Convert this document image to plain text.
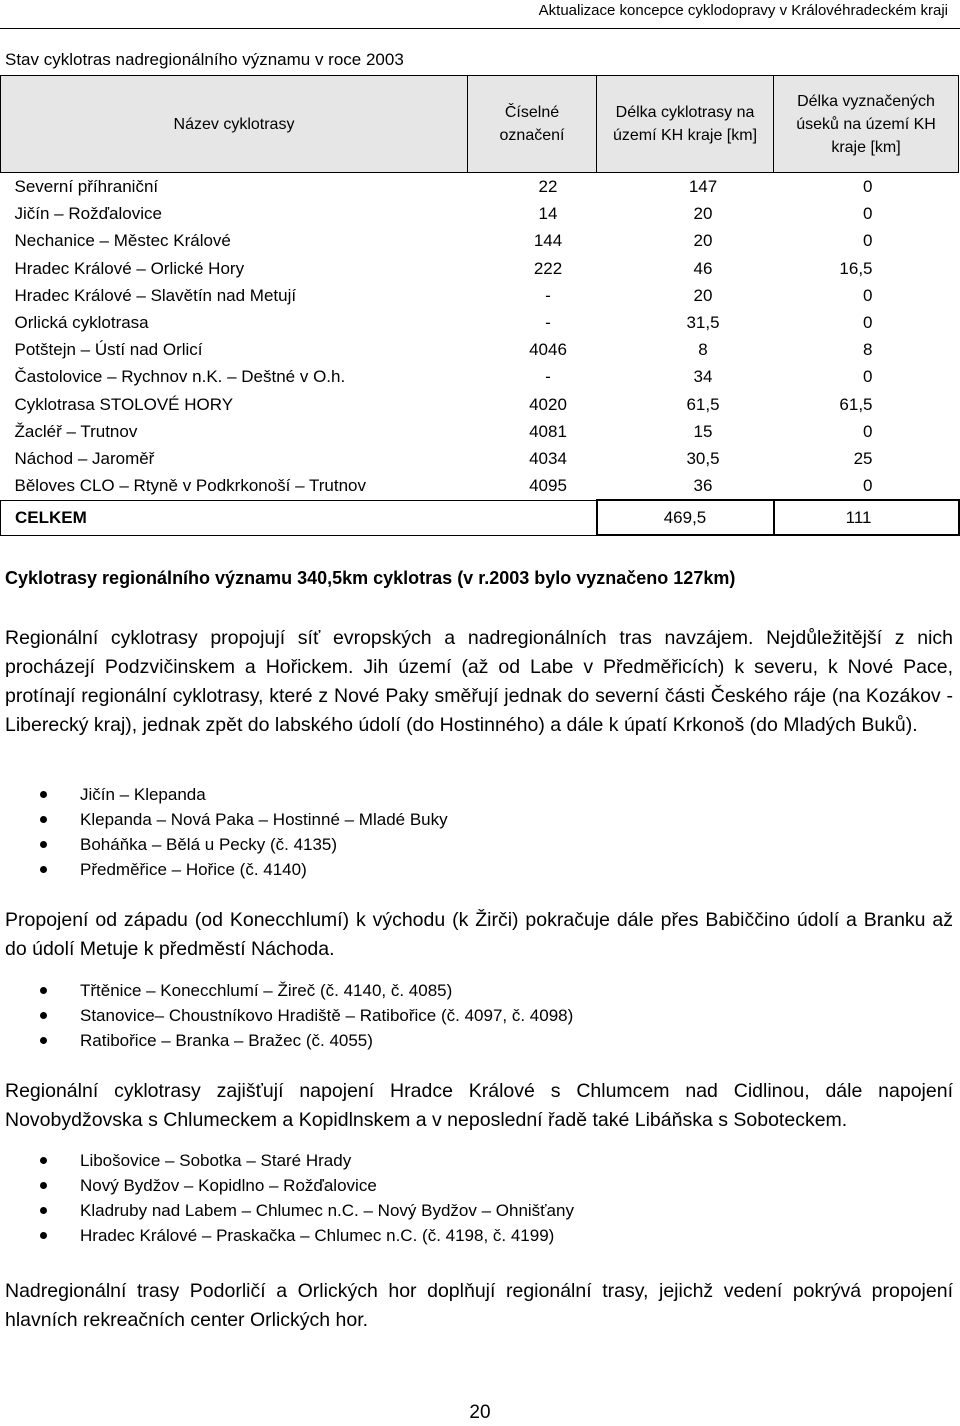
Aktualizace koncepce cyklodopravy v Královéhradeckém kraji
Stav cyklotras nadregionálního významu v roce 2003
Název cyklotrasy	Číselné označení	Délka cyklotrasy na území KH kraje [km]	Délka vyznačených úseků na území KH kraje [km]
Severní příhraniční	22	147	0
Jičín – Rožďalovice	14	20	0
Nechanice – Městec Králové	144	20	0
Hradec Králové – Orlické Hory	222	46	16,5
Hradec Králové – Slavětín nad Metují	-	20	0
Orlická cyklotrasa	-	31,5	0
Potštejn – Ústí nad Orlicí	4046	8	8
Častolovice – Rychnov n.K. – Deštné v O.h.	-	34	0
Cyklotrasa STOLOVÉ HORY	4020	61,5	61,5
Žacléř – Trutnov	4081	15	0
Náchod – Jaroměř	4034	30,5	25
Běloves CLO – Rtyně v Podkrkonoší – Trutnov	4095	36	0
CELKEM		469,5	111
Cyklotrasy regionálního významu 340,5km cyklotras (v r.2003 bylo vyznačeno 127km)
Regionální cyklotrasy propojují síť evropských a nadregionálních tras navzájem. Nejdůležitější z nich procházejí Podzvičinskem a Hořickem. Jih území (až od Labe v Předměřicích) k severu, k Nové Pace, protínají regionální cyklotrasy, které z Nové Paky směřují jednak do severní části Českého ráje (na Kozákov - Liberecký kraj), jednak zpět do labského údolí (do Hostinného) a dále k úpatí Krkonoš (do Mladých Buků).
Jičín – Klepanda
Klepanda – Nová Paka – Hostinné – Mladé Buky
Boháňka – Bělá u Pecky (č. 4135)
Předměřice – Hořice (č. 4140)
Propojení od západu (od Konecchlumí) k východu (k Žirči) pokračuje dále přes Babiččino údolí a Branku až do údolí Metuje k předměstí Náchoda.
Třtěnice – Konecchlumí – Žireč (č. 4140, č. 4085)
Stanovice– Choustníkovo Hradiště – Ratibořice (č. 4097, č. 4098)
Ratibořice – Branka – Bražec (č. 4055)
Regionální cyklotrasy zajišťují napojení Hradce Králové s Chlumcem nad Cidlinou, dále napojení Novobydžovska s Chlumeckem a Kopidlnskem a v neposlední řadě také Libáňska s Soboteckem.
Libošovice – Sobotka – Staré Hrady
Nový Bydžov – Kopidlno – Rožďalovice
Kladruby nad Labem – Chlumec n.C. – Nový Bydžov – Ohnišťany
Hradec Králové – Praskačka – Chlumec n.C. (č. 4198, č. 4199)
Nadregionální trasy Podorličí a Orlických hor doplňují regionální trasy, jejichž vedení pokrývá propojení hlavních rekreačních center Orlických hor.
20
